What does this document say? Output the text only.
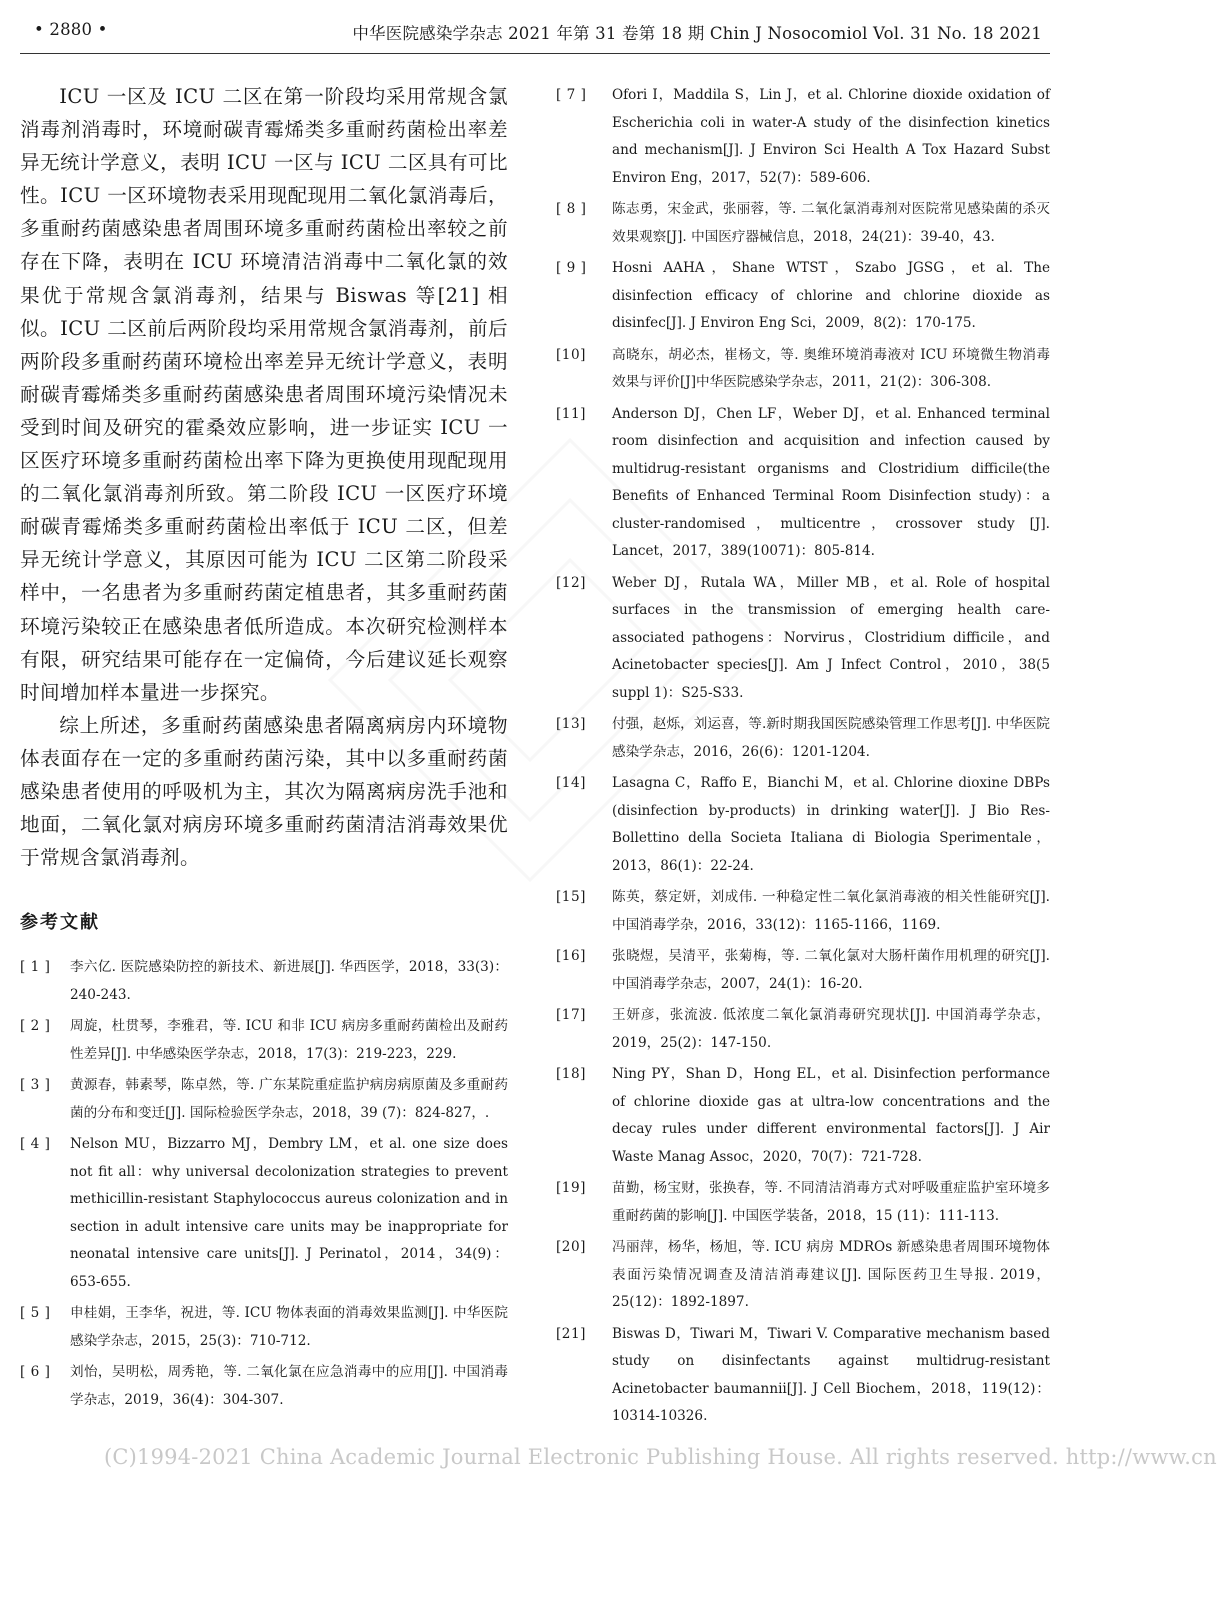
• 2880 •	中华医院感染学杂志 2021 年第 31 卷第 18 期 Chin J Nosocomiol Vol. 31 No. 18 2021

ICU 一区及 ICU 二区在第一阶段均采用常规含氯消毒剂消毒时，环境耐碳青霉烯类多重耐药菌检出率差异无统计学意义，表明 ICU 一区与 ICU 二区具有可比性。ICU 一区环境物表采用现配现用二氧化氯消毒后，多重耐药菌感染患者周围环境多重耐药菌检出率较之前存在下降，表明在 ICU 环境清洁消毒中二氧化氯的效果优于常规含氯消毒剂，结果与 Biswas 等[21] 相似。ICU 二区前后两阶段均采用常规含氯消毒剂，前后两阶段多重耐药菌环境检出率差异无统计学意义，表明耐碳青霉烯类多重耐药菌感染患者周围环境污染情况未受到时间及研究的霍桑效应影响，进一步证实 ICU 一区医疗环境多重耐药菌检出率下降为更换使用现配现用的二氧化氯消毒剂所致。第二阶段 ICU 一区医疗环境耐碳青霉烯类多重耐药菌检出率低于 ICU 二区，但差异无统计学意义，其原因可能为 ICU 二区第二阶段采样中，一名患者为多重耐药菌定植患者，其多重耐药菌环境污染较正在感染患者低所造成。本次研究检测样本有限，研究结果可能存在一定偏倚，今后建议延长观察时间增加样本量进一步探究。

综上所述，多重耐药菌感染患者隔离病房内环境物体表面存在一定的多重耐药菌污染，其中以多重耐药菌感染患者使用的呼吸机为主，其次为隔离病房洗手池和地面，二氧化氯对病房环境多重耐药菌清洁消毒效果优于常规含氯消毒剂。

参考文献
[ 1 ]	李六亿. 医院感染防控的新技术、新进展[J]. 华西医学，2018，33(3)：240-243.
[ 2 ]	周旋，杜贯琴，李雅君，等. ICU 和非 ICU 病房多重耐药菌检出及耐药性差异[J]. 中华感染医学杂志，2018，17(3)：219-223，229.
[ 3 ]	黄源春，韩素琴，陈卓然，等. 广东某院重症监护病房病原菌及多重耐药菌的分布和变迁[J]. 国际检验医学杂志，2018，39 (7)：824-827，.
[ 4 ]	Nelson MU，Bizzarro MJ，Dembry LM，et al. one size does not fit all：why universal decolonization strategies to prevent methicillin-resistant Staphylococcus aureus colonization and in section in adult intensive care units may be inappropriate for neonatal intensive care units[J]. J Perinatol，2014，34(9)：653-655.
[ 5 ]	申桂娟，王李华，祝进，等. ICU 物体表面的消毒效果监测[J]. 中华医院感染学杂志，2015，25(3)：710-712.
[ 6 ]	刘怡，吴明松，周秀艳，等. 二氧化氯在应急消毒中的应用[J]. 中国消毒学杂志，2019，36(4)：304-307.
[ 7 ]	Ofori I，Maddila S，Lin J，et al. Chlorine dioxide oxidation of Escherichia coli in water-A study of the disinfection kinetics and mechanism[J]. J Environ Sci Health A Tox Hazard Subst Environ Eng，2017，52(7)：589-606.
[ 8 ]	陈志勇，宋金武，张丽蓉，等. 二氧化氯消毒剂对医院常见感染菌的杀灭效果观察[J]. 中国医疗器械信息，2018，24(21)：39-40，43.
[ 9 ]	Hosni AAHA，Shane WTST，Szabo JGSG，et al. The disinfection efficacy of chlorine and chlorine dioxide as disinfec[J]. J Environ Eng Sci，2009，8(2)：170-175.
[10]	高晓东，胡必杰，崔杨文，等. 奥维环境消毒液对 ICU 环境微生物消毒效果与评价[J]中华医院感染学杂志，2011，21(2)：306-308.
[11]	Anderson DJ，Chen LF，Weber DJ，et al. Enhanced terminal room disinfection and acquisition and infection caused by multidrug-resistant organisms and Clostridium difficile(the Benefits of Enhanced Terminal Room Disinfection study)：a cluster-randomised，multicentre，crossover study [J]. Lancet，2017，389(10071)：805-814.
[12]	Weber DJ，Rutala WA，Miller MB，et al. Role of hospital surfaces in the transmission of emerging health care- associated pathogens：Norvirus，Clostridium difficile，and Acinetobacter species[J]. Am J Infect Control，2010，38(5 suppl 1)：S25-S33.
[13]	付强，赵烁，刘运喜，等.新时期我国医院感染管理工作思考[J]. 中华医院感染学杂志，2016，26(6)：1201-1204.
[14]	Lasagna C，Raffo E，Bianchi M，et al. Chlorine dioxine DBPs (disinfection by-products) in drinking water[J]. J Bio Res-Bollettino della Societa Italiana di Biologia Sperimentale，2013，86(1)：22-24.
[15]	陈英，蔡定妍，刘成伟. 一种稳定性二氧化氯消毒液的相关性能研究[J]. 中国消毒学杂，2016，33(12)：1165-1166，1169.
[16]	张晓煜，吴清平，张菊梅，等. 二氧化氯对大肠杆菌作用机理的研究[J]. 中国消毒学杂志，2007，24(1)：16-20.
[17]	王妍彦，张流波. 低浓度二氧化氯消毒研究现状[J]. 中国消毒学杂志，2019，25(2)：147-150.
[18]	Ning PY，Shan D，Hong EL，et al. Disinfection performance of chlorine dioxide gas at ultra-low concentrations and the decay rules under different environmental factors[J]. J Air Waste Manag Assoc，2020，70(7)：721-728.
[19]	苗勤，杨宝财，张换春，等. 不同清洁消毒方式对呼吸重症监护室环境多重耐药菌的影响[J]. 中国医学装备，2018，15 (11)：111-113.
[20]	冯丽萍，杨华，杨旭，等. ICU 病房 MDROs 新感染患者周围环境物体表面污染情况调查及清洁消毒建议[J]. 国际医药卫生导报. 2019，25(12)：1892-1897.
[21]	Biswas D，Tiwari M，Tiwari V. Comparative mechanism based study on disinfectants against multidrug-resistant Acinetobacter baumannii[J]. J Cell Biochem，2018，119(12)：10314-10326.
(C)1994-2021 China Academic Journal Electronic Publishing House. All rights reserved. http://www.cn
